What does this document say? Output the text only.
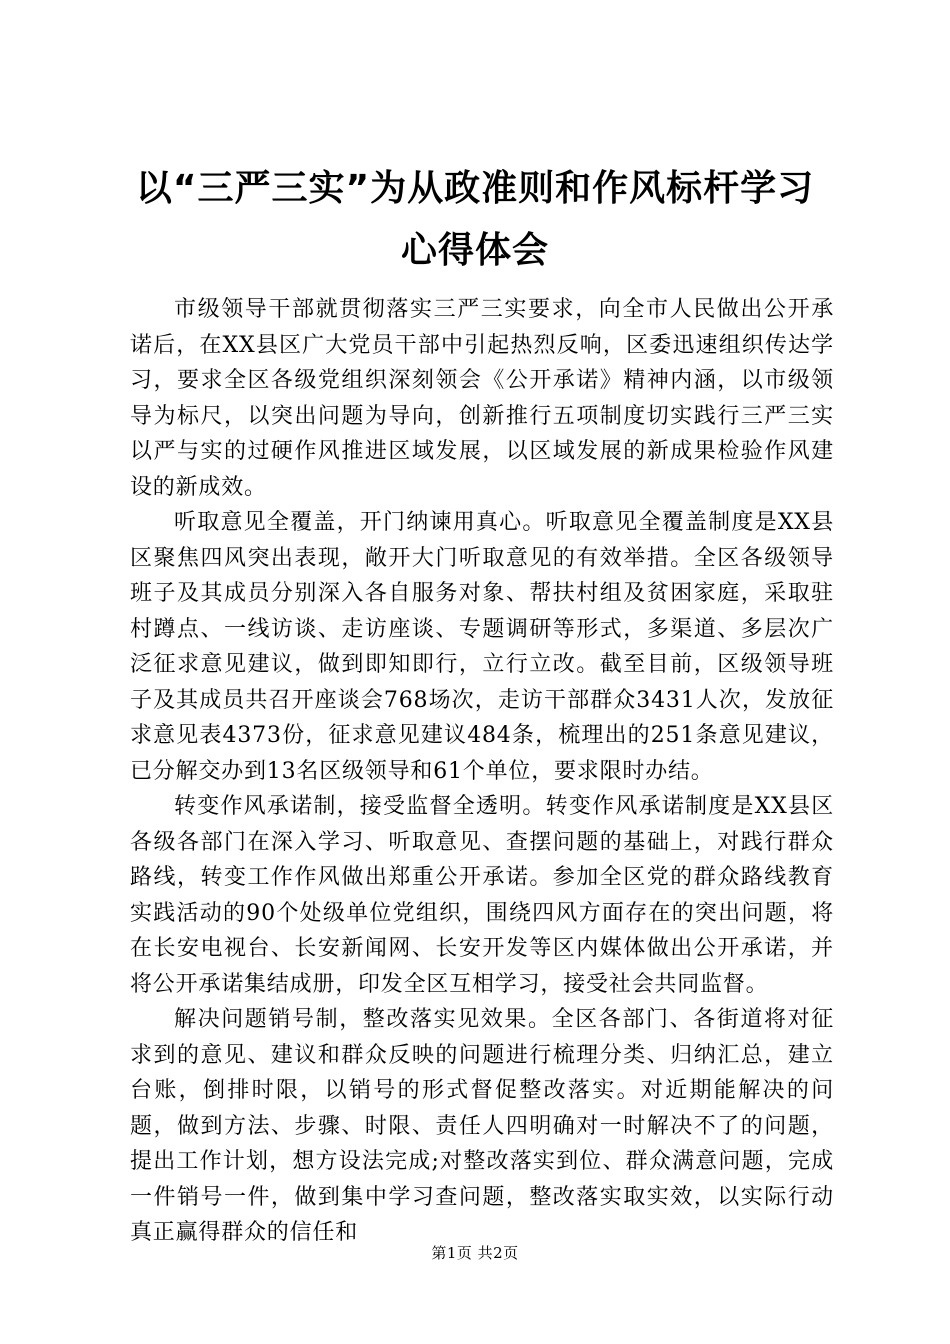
以“三严三实”为从政准则和作风标杆学习心得体会

市级领导干部就贯彻落实三严三实要求，向全市人民做出公开承诺后，在XX县区广大党员干部中引起热烈反响，区委迅速组织传达学习，要求全区各级党组织深刻领会《公开承诺》精神内涵，以市级领导为标尺，以突出问题为导向，创新推行五项制度切实践行三严三实以严与实的过硬作风推进区域发展，以区域发展的新成果检验作风建设的新成效。

听取意见全覆盖，开门纳谏用真心。听取意见全覆盖制度是XX县区聚焦四风突出表现，敞开大门听取意见的有效举措。全区各级领导班子及其成员分别深入各自服务对象、帮扶村组及贫困家庭，采取驻村蹲点、一线访谈、走访座谈、专题调研等形式，多渠道、多层次广泛征求意见建议，做到即知即行，立行立改。截至目前，区级领导班子及其成员共召开座谈会768场次，走访干部群众3431人次，发放征求意见表4373份，征求意见建议484条，梳理出的251条意见建议，已分解交办到13名区级领导和61个单位，要求限时办结。

转变作风承诺制，接受监督全透明。转变作风承诺制度是XX县区各级各部门在深入学习、听取意见、查摆问题的基础上，对践行群众路线，转变工作作风做出郑重公开承诺。参加全区党的群众路线教育实践活动的90个处级单位党组织，围绕四风方面存在的突出问题，将在长安电视台、长安新闻网、长安开发等区内媒体做出公开承诺，并将公开承诺集结成册，印发全区互相学习，接受社会共同监督。

解决问题销号制，整改落实见效果。全区各部门、各街道将对征求到的意见、建议和群众反映的问题进行梳理分类、归纳汇总，建立台账，倒排时限，以销号的形式督促整改落实。对近期能解决的问题，做到方法、步骤、时限、责任人四明确对一时解决不了的问题，提出工作计划，想方设法完成;对整改落实到位、群众满意问题，完成一件销号一件，做到集中学习查问题，整改落实取实效，以实际行动真正赢得群众的信任和

第1页 共2页
